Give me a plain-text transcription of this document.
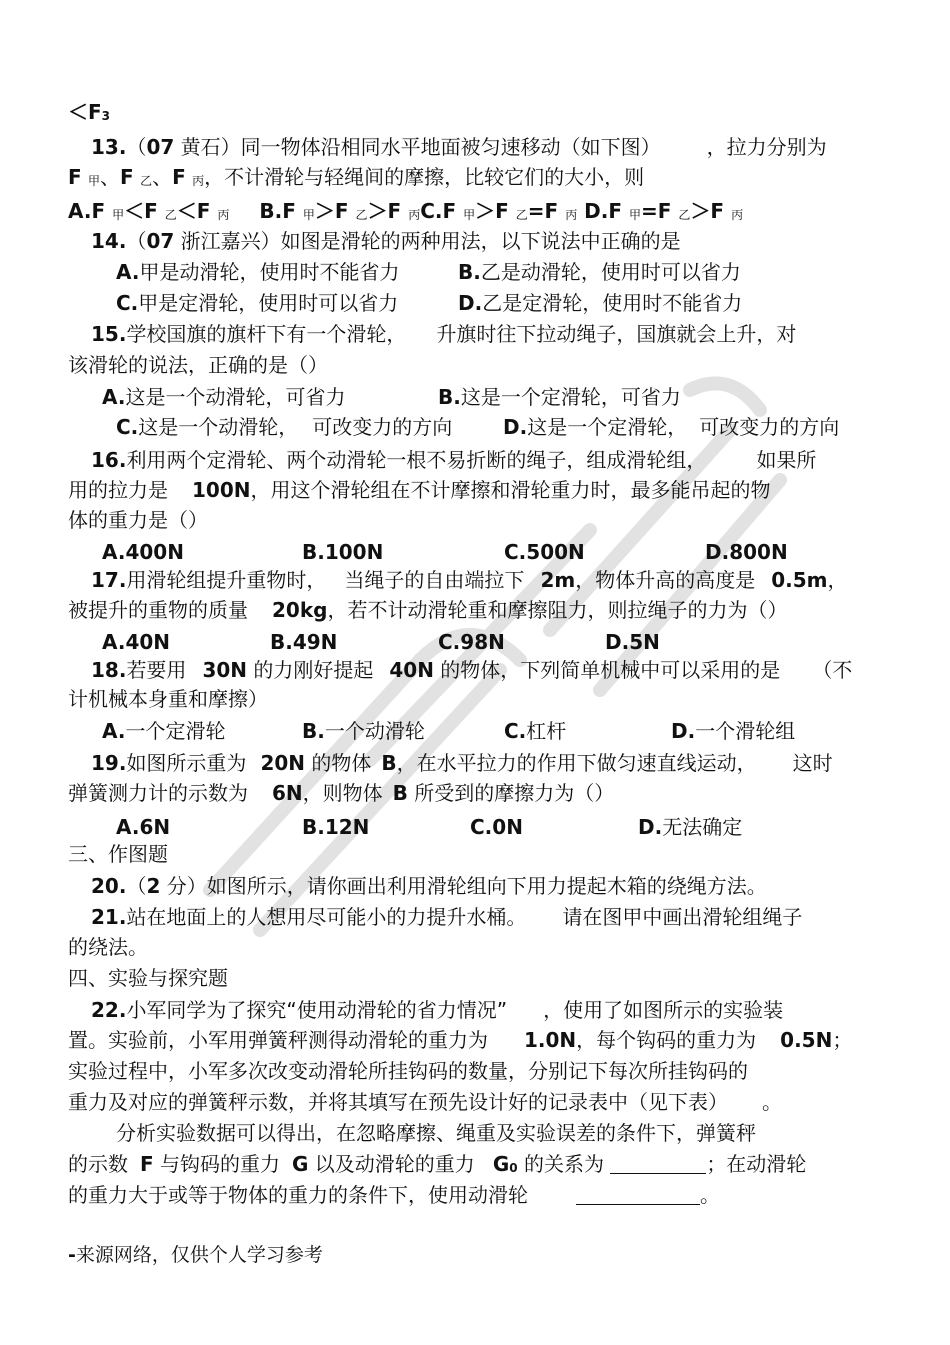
＜F3
13.（07 黄石）同一物体沿相同水平地面被匀速移动（如下图） ，拉力分别为
F 甲、F 乙、F 丙，不计滑轮与轻绳间的摩擦，比较它们的大小，则
A.F 甲＜F 乙＜F 丙 B.F 甲＞F 乙＞F 丙C.F 甲＞F 乙=F 丙 D.F 甲=F 乙＞F 丙
14.（07 浙江嘉兴）如图是滑轮的两种用法，以下说法中正确的是
A.甲是动滑轮，使用时不能省力	B.乙是动滑轮，使用时可以省力
C.甲是定滑轮，使用时可以省力	D.乙是定滑轮，使用时不能省力
15.学校国旗的旗杆下有一个滑轮， 升旗时往下拉动绳子，国旗就会上升，对
该滑轮的说法，正确的是（）
A.这是一个动滑轮，可省力	B.这是一个定滑轮，可省力
C.这是一个动滑轮， 可改变力的方向	D.这是一个定滑轮， 可改变力的方向
16.利用两个定滑轮、两个动滑轮一根不易折断的绳子，组成滑轮组，	如果所
用的拉力是 100N，用这个滑轮组在不计摩擦和滑轮重力时，最多能吊起的物
体的重力是（）
A.400N	B.100N	C.500N	D.800N
17.用滑轮组提升重物时， 当绳子的自由端拉下 2m，物体升高的高度是 0.5m，
被提升的重物的质量 20kg，若不计动滑轮重和摩擦阻力，则拉绳子的力为（）
A.40N	B.49N	C.98N	D.5N
18.若要用 30N 的力刚好提起 40N 的物体，下列简单机械中可以采用的是 （不
计机械本身重和摩擦）
A.一个定滑轮	B.一个动滑轮	C.杠杆	D.一个滑轮组
19.如图所示重为 20N 的物体 B，在水平拉力的作用下做匀速直线运动， 这时
弹簧测力计的示数为 6N，则物体 B 所受到的摩擦力为（）
A.6N	B.12N	C.0N	D.无法确定
三、作图题
20.（2 分）如图所示，请你画出利用滑轮组向下用力提起木箱的绕绳方法。
21.站在地面上的人想用尽可能小的力提升水桶。 请在图甲中画出滑轮组绳子
的绕法。
四、实验与探究题
22.小军同学为了探究“使用动滑轮的省力情况” ，使用了如图所示的实验装
置。实验前，小军用弹簧秤测得动滑轮的重力为 1.0N，每个钩码的重力为 0.5N；
实验过程中，小军多次改变动滑轮所挂钩码的数量，分别记下每次所挂钩码的
重力及对应的弹簧秤示数，并将其填写在预先设计好的记录表中（见下表） 。
分析实验数据可以得出，在忽略摩擦、绳重及实验误差的条件下，弹簧秤
的示数 F 与钩码的重力 G 以及动滑轮的重力 G0 的关系为	；在动滑轮
的重力大于或等于物体的重力的条件下，使用动滑轮	。
-来源网络，仅供个人学习参考
